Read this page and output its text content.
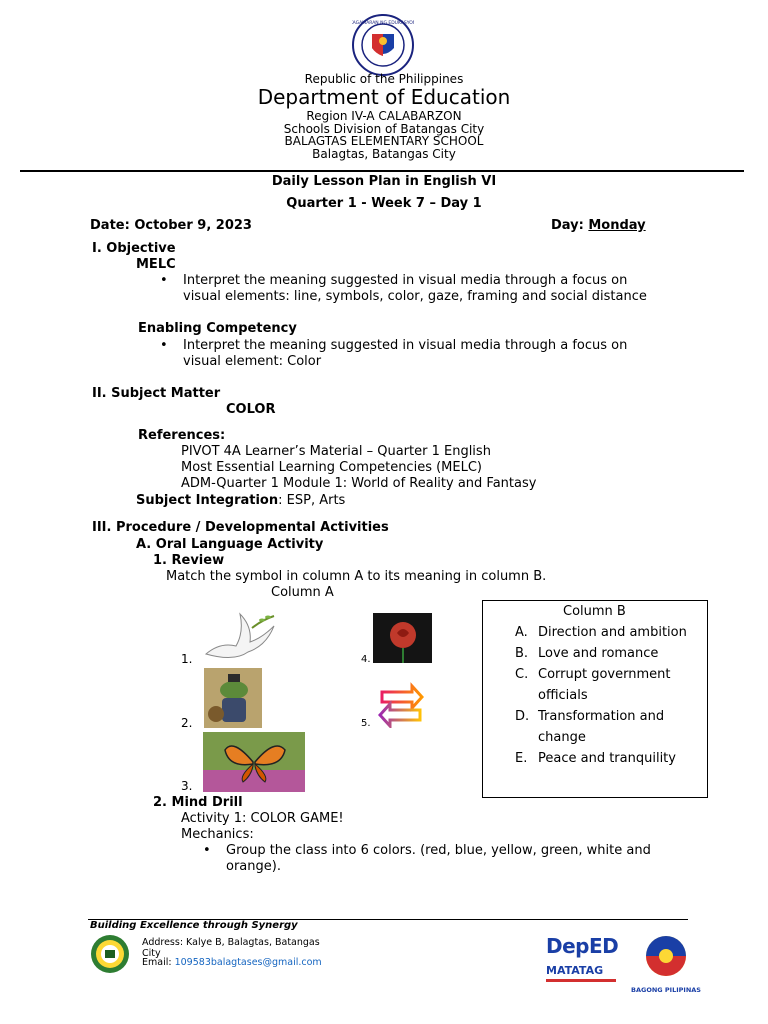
KAGAWARAN NG EDUKASYON
Republic of the Philippines
Department of Education
Region IV-A CALABARZON
Schools Division of Batangas City
BALAGTAS ELEMENTARY SCHOOL
Balagtas, Batangas City
Daily Lesson Plan in English VI
Quarter 1 - Week 7 – Day 1
Date: October 9, 2023	Day: Monday
I. Objective
MELC
• Interpret the meaning suggested in visual media through a focus on
visual elements: line, symbols, color, gaze, framing and social distance
Enabling Competency
• Interpret the meaning suggested in visual media through a focus on
visual element: Color
II. Subject Matter
COLOR
References:
PIVOT 4A Learner’s Material – Quarter 1 English
Most Essential Learning Competencies (MELC)
ADM-Quarter 1 Module 1: World of Reality and Fantasy
Subject Integration: ESP, Arts
III. Procedure / Developmental Activities
A. Oral Language Activity
1. Review
Match the symbol in column A to its meaning in column B.
Column A
1.
2.
3.
4.
5.
Column B
A. Direction and ambition
B. Love and romance
C. Corrupt government
officials
D. Transformation and
change
E. Peace and tranquility
2. Mind Drill
Activity 1: COLOR GAME!
Mechanics:
• Group the class into 6 colors. (red, blue, yellow, green, white and
orange).
Building Excellence through Synergy
Address: Kalye B, Balagtas, Batangas
City
Email: 109583balagtases@gmail.com
DepED
MATATAG
BAGONG PILIPINAS
